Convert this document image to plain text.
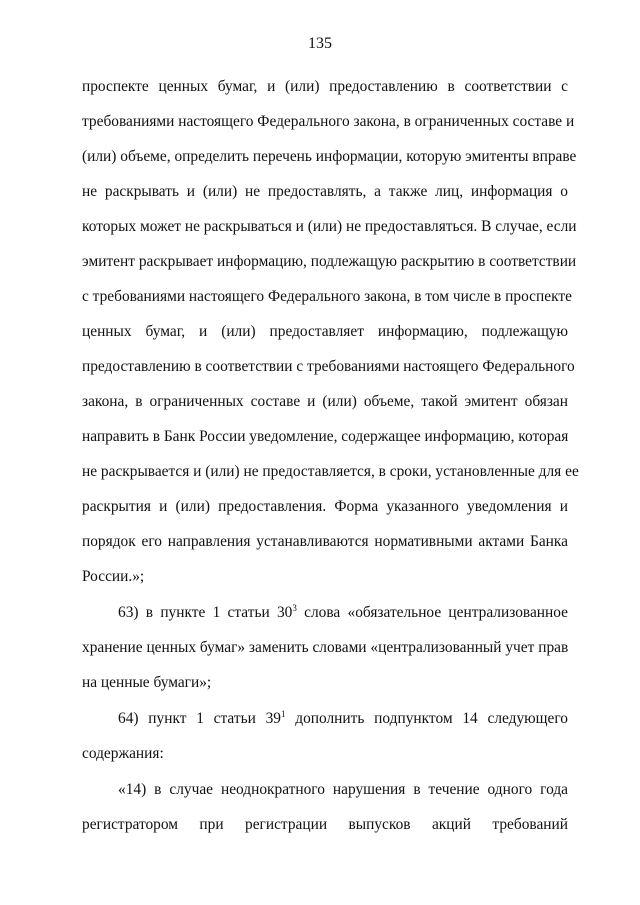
135
проспекте ценных бумаг, и (или) предоставлению в соответствии с
требованиями настоящего Федерального закона, в ограниченных составе и
(или) объеме, определить перечень информации, которую эмитенты вправе
не раскрывать и (или) не предоставлять, а также лиц, информация о
которых может не раскрываться и (или) не предоставляться. В случае, если
эмитент раскрывает информацию, подлежащую раскрытию в соответствии
с требованиями настоящего Федерального закона, в том числе в проспекте
ценных бумаг, и (или) предоставляет информацию, подлежащую
предоставлению в соответствии с требованиями настоящего Федерального
закона, в ограниченных составе и (или) объеме, такой эмитент обязан
направить в Банк России уведомление, содержащее информацию, которая
не раскрывается и (или) не предоставляется, в сроки, установленные для ее
раскрытия и (или) предоставления. Форма указанного уведомления и
порядок его направления устанавливаются нормативными актами Банка
России.»;
63) в пункте 1 статьи $30^3$ слова «обязательное централизованное
хранение ценных бумаг» заменить словами «централизованный учет прав
на ценные бумаги»;
64) пункт 1 статьи $39^1$ дополнить подпунктом 14 следующего
содержания:
«14) в случае неоднократного нарушения в течение одного года
регистратором при регистрации выпусков акций требований
